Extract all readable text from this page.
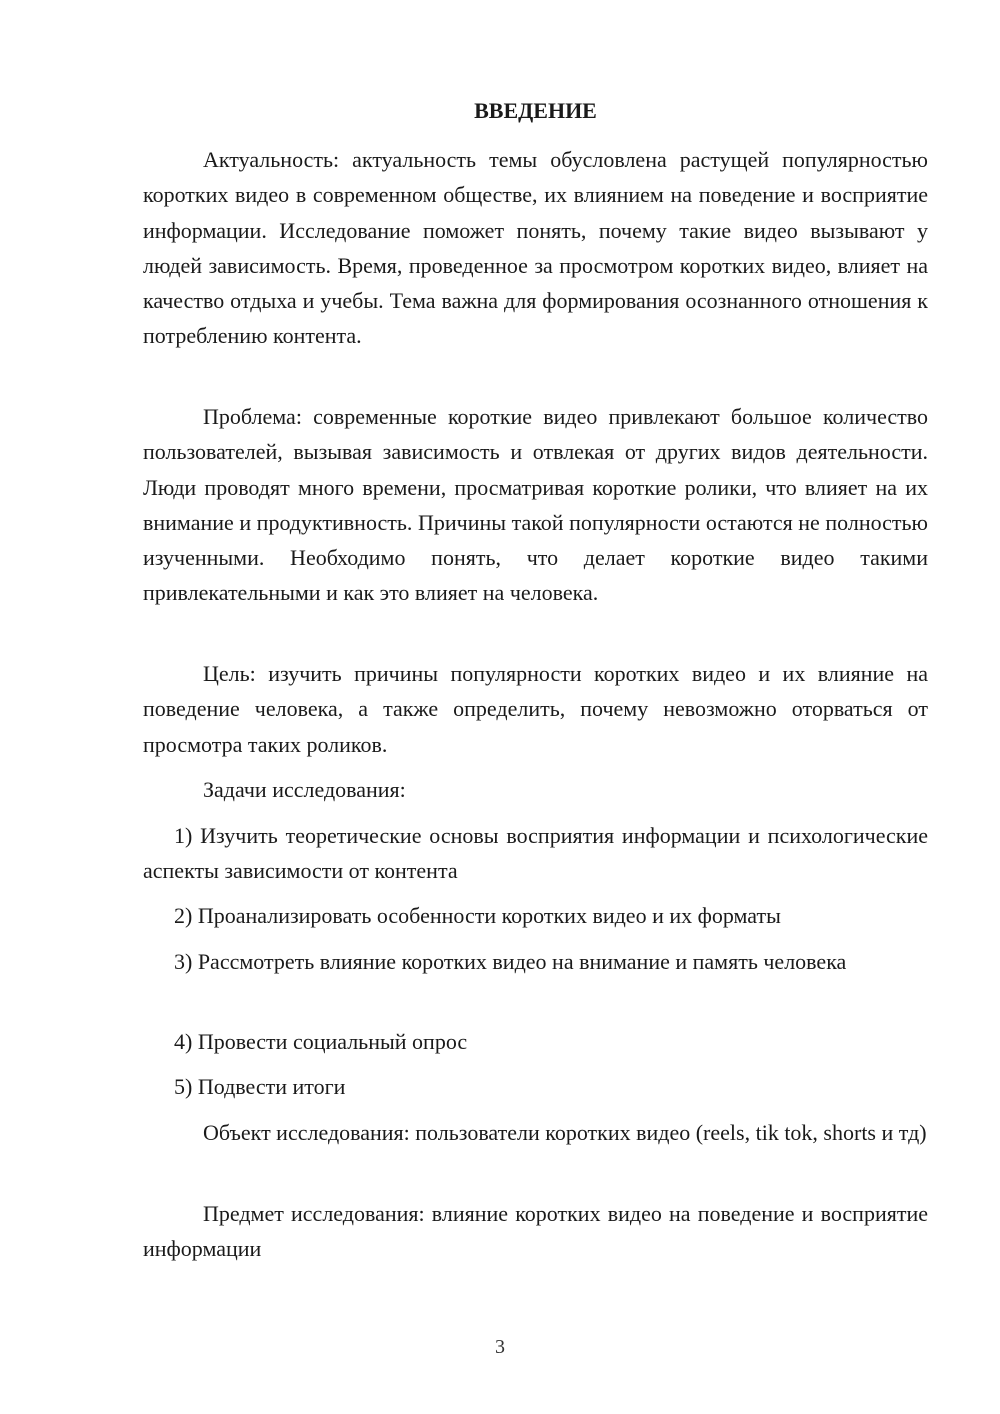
ВВЕДЕНИЕ

Актуальность: актуальность темы обусловлена растущей популярностью коротких видео в современном обществе, их влиянием на поведение и восприятие информации. Исследование поможет понять, почему такие видео вызывают у людей зависимость. Время, проведенное за просмотром коротких видео, влияет на качество отдыха и учебы. Тема важна для формирования осознанного отношения к потреблению контента.

Проблема: современные короткие видео привлекают большое количество пользователей, вызывая зависимость и отвлекая от других видов деятельности. Люди проводят много времени, просматривая короткие ролики, что влияет на их внимание и продуктивность. Причины такой популярности остаются не полностью изученными. Необходимо понять, что делает короткие видео такими привлекательными и как это влияет на человека.

Цель: изучить причины популярности коротких видео и их влияние на поведение человека, а также определить, почему невозможно оторваться от просмотра таких роликов.

Задачи исследования:

1) Изучить теоретические основы восприятия информации и психологические аспекты зависимости от контента

2) Проанализировать особенности коротких видео и их форматы

3) Рассмотреть влияние коротких видео на внимание и память человека

4) Провести социальный опрос

5) Подвести итоги

Объект исследования: пользователи коротких видео (reels, tik tok, shorts и тд)

Предмет исследования: влияние коротких видео на поведение и восприятие информации

3
